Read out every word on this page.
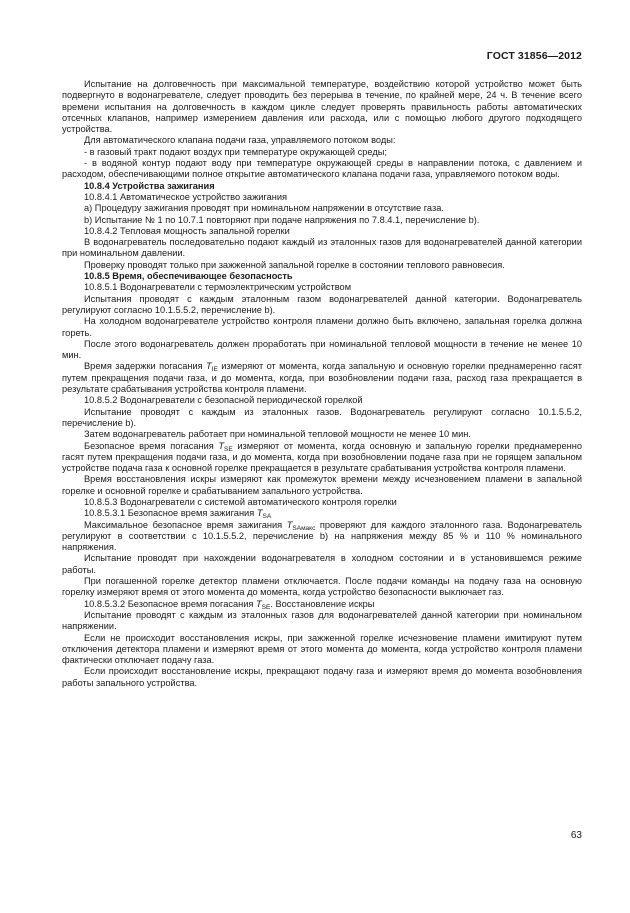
ГОСТ 31856—2012

Испытание на долговечность при максимальной температуре, воздействию которой устройство может быть подвергнуто в водонагревателе, следует проводить без перерыва в течение, по крайней мере, 24 ч. В течение всего времени испытания на долговечность в каждом цикле следует проверять правильность работы автоматических отсечных клапанов, например измерением давления или расхода, или с помощью любого другого подходящего устройства.

Для автоматического клапана подачи газа, управляемого потоком воды:

- в газовый тракт подают воздух при температуре окружающей среды;

- в водяной контур подают воду при температуре окружающей среды в направлении потока, с давлением и расходом, обеспечивающими полное открытие автоматического клапана подачи газа, управляемого потоком воды.

10.8.4 Устройства зажигания

10.8.4.1 Автоматическое устройство зажигания

а) Процедуру зажигания проводят при номинальном напряжении в отсутствие газа.

b) Испытание № 1 по 10.7.1 повторяют при подаче напряжения по 7.8.4.1, перечисление b).

10.8.4.2 Тепловая мощность запальной горелки

В водонагреватель последовательно подают каждый из эталонных газов для водонагревателей данной категории при номинальном давлении.

Проверку проводят только при зажженной запальной горелке в состоянии теплового равновесия.

10.8.5 Время, обеспечивающее безопасность

10.8.5.1 Водонагреватели с термоэлектрическим устройством

Испытания проводят с каждым эталонным газом водонагревателей данной категории. Водонагреватель регулируют согласно 10.1.5.5.2, перечисление b).

На холодном водонагревателе устройство контроля пламени должно быть включено, запальная горелка должна гореть.

После этого водонагреватель должен проработать при номинальной тепловой мощности в течение не менее 10 мин.

Время задержки погасания $T_{IE}$ измеряют от момента, когда запальную и основную горелки преднамеренно гасят путем прекращения подачи газа, и до момента, когда, при возобновлении подачи газа, расход газа прекращается в результате срабатывания устройства контроля пламени.

10.8.5.2 Водонагреватели с безопасной периодической горелкой

Испытание проводят с каждым из эталонных газов. Водонагреватель регулируют согласно 10.1.5.5.2, перечисление b).

Затем водонагреватель работает при номинальной тепловой мощности не менее 10 мин.

Безопасное время погасания $T_{SE}$ измеряют от момента, когда основную и запальную горелки преднамеренно гасят путем прекращения подачи газа, и до момента, когда при возобновлении подаче газа при не горящем запальном устройстве подача газа к основной горелке прекращается в результате срабатывания устройства контроля пламени.

Время восстановления искры измеряют как промежуток времени между исчезновением пламени в запальной горелке и основной горелке и срабатыванием запального устройства.

10.8.5.3 Водонагреватели с системой автоматического контроля горелки

10.8.5.3.1 Безопасное время зажигания $T_{SA}$

Максимальное безопасное время зажигания $T_{SAмакс}$ проверяют для каждого эталонного газа. Водонагреватель регулируют в соответствии с 10.1.5.5.2, перечисление b) на напряжения между 85 % и 110 % номинального напряжения.

Испытание проводят при нахождении водонагревателя в холодном состоянии и в установившемся режиме работы.

При погашенной горелке детектор пламени отключается. После подачи команды на подачу газа на основную горелку измеряют время от этого момента до момента, когда устройство безопасности выключает газ.

10.8.5.3.2 Безопасное время погасания $T_{SE}$. Восстановление искры

Испытание проводят с каждым из эталонных газов для водонагревателей данной категории при номинальном напряжении.

Если не происходит восстановления искры, при зажженной горелке исчезновение пламени имитируют путем отключения детектора пламени и измеряют время от этого момента до момента, когда устройство контроля пламени фактически отключает подачу газа.

Если происходит восстановление искры, прекращают подачу газа и измеряют время до момента возобновления работы запального устройства.

63
